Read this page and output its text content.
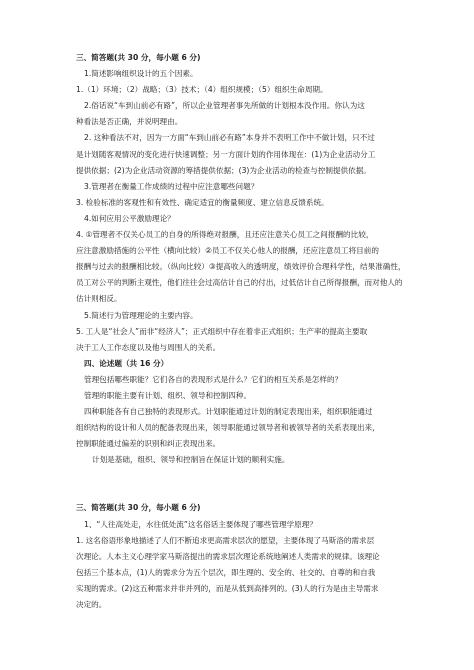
三、简答题(共 30 分，每小题 6 分)
1.简述影响组织设计的五个因素。
1.（1）环境；（2）战略；（3）技术；（4）组织规模；（5）组织生命周期。
2.俗话说“车到山前必有路”，所以企业管理者事先所做的计划根本没作用。你认为这
种看法是否正确，并说明理由。
2. 这种看法不对，因为一方面“车到山前必有路”本身并不表明工作中不做计划，只不过
是计划随客观情况的变化进行快速调整；另一方面计划的作用体现在：(1)为企业活动分工
提供依据；(2)为企业活动资源的筹措提供依据；(3)为企业活动的检查与控制提供依据。
3.管理者在衡量工作成绩的过程中应注意哪些问题？
3. 检验标准的客观性和有效性、确定适宜的衡量频度、建立信息反馈系统。
4.如何应用公平激励理论？
4. ①管理者不仅关心员工的自身的所得绝对报酬，且还应注意关心员工之间报酬的比较，
应注意激励措施的公平性（横向比较）②员工不仅关心他人的报酬，还应注意员工将目前的
报酬与过去的报酬相比较。（纵向比较）③提高收入的透明度，绩效评价合理科学性，结果准确性，
员工对公平的判断主观性，他们往往会过高估计自己的付出，过低估计自己所得报酬，而对他人的
估计则相反。
5.简述行为管理理论的主要内容。
5. 工人是“社会人”而非“经济人”；正式组织中存在着非正式组织；生产率的提高主要取
决于工人工作态度以及他与周围人的关系。
四、论述题（共 16 分）
管理包括哪些职能？它们各自的表现形式是什么？它们的相互关系是怎样的？
管理的职能主要有计划、组织、领导和控制四种。
四种职能各有自己独特的表现形式。计划职能通过计划的制定表现出来，组织职能通过
组织结构的设计和人员的配备表现出来，领导职能通过领导者和被领导者的关系表现出来，
控制职能通过偏差的识别和纠正表现出来。
计划是基础，组织、领导和控制旨在保证计划的顺利实施。
三、简答题(共 30 分，每小题 6 分)
1、“人往高处走，水往低处流”这名俗话主要体现了哪些管理学原理？
1. 这名俗语形象地描述了人们不断追求更高需求层次的愿望，主要体现了马斯洛的需求层
次理论。人本主义心理学家马斯洛提出的需求层次理论系统地阐述人类需求的规律。该理论
包括三个基本点，(1)人的需求分为五个层次，即生理的、安全的、社交的、自尊的和自我
实现的需求。(2)这五种需求并非并列的，而是从低到高排列的。(3)人的行为是由主导需求
决定的。
